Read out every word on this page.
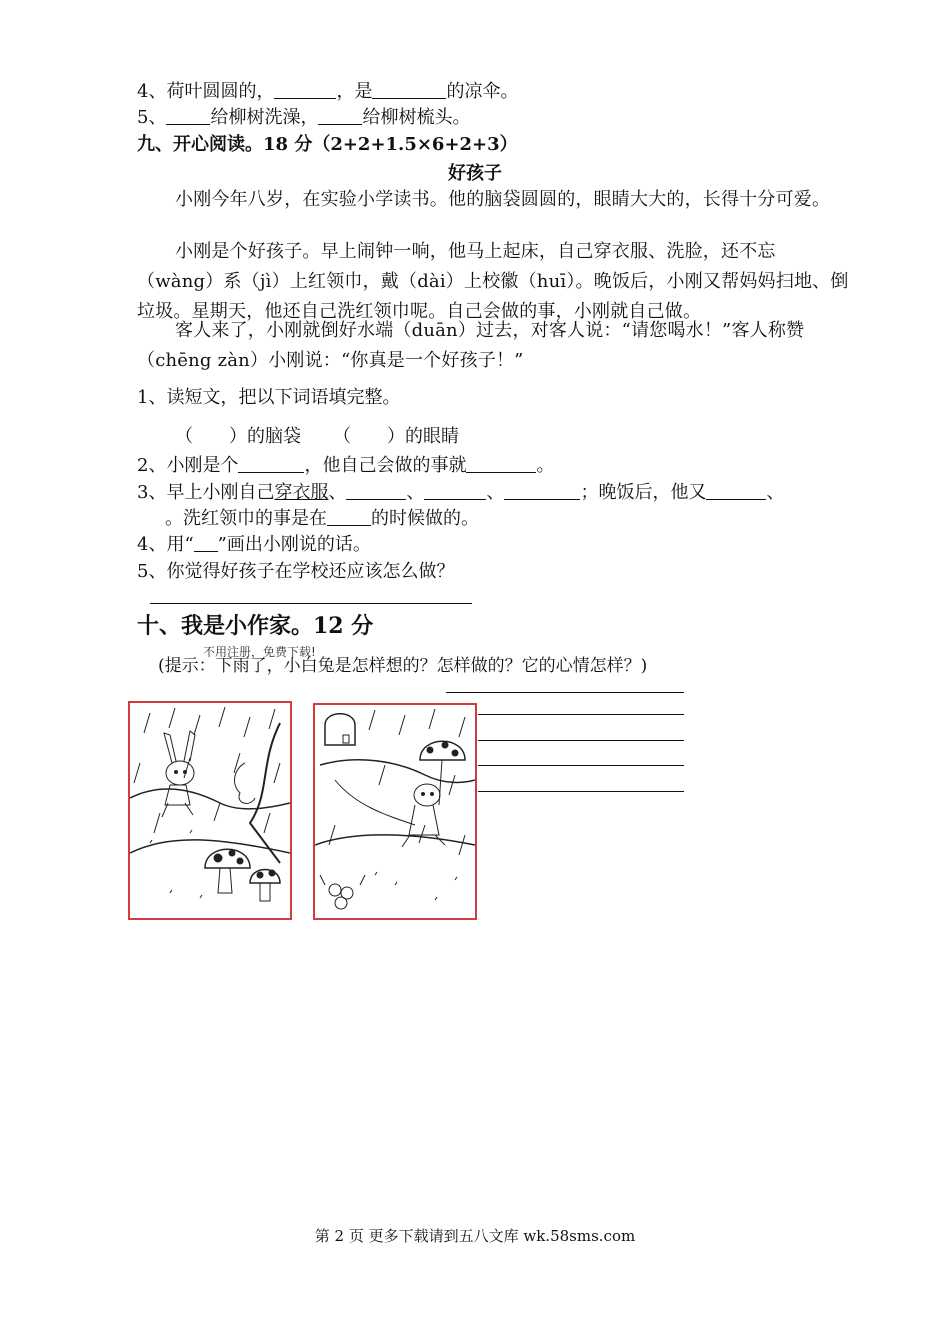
4、荷叶圆圆的，	，是	的凉伞。
5、 给柳树洗澡， 给柳树梳头。
九、开心阅读。18 分（2+2+1.5×6+2+3）
好孩子
小刚今年八岁，在实验小学读书。他的脑袋圆圆的，眼睛大大的，长得十分可爱。
小刚是个好孩子。早上闹钟一响，他马上起床，自己穿衣服、洗脸，还不忘（wàng）系（jì）上红领巾，戴（dài）上校徽（huī）。晚饭后，小刚又帮妈妈扫地、倒垃圾。星期天，他还自己洗红领巾呢。自己会做的事，小刚就自己做。
客人来了，小刚就倒好水端（duān）过去，对客人说：“请您喝水！”客人称赞（chēng zàn）小刚说：“你真是一个好孩子！”
1、读短文，把以下词语填完整。
（ ）的脑袋 （ ）的眼睛
2、小刚是个	，他自己会做的事就	。
3、早上小刚自己穿衣服、	、	、	；晚饭后，他又	、
。洗红领巾的事是在 的时候做的。
4、用“ ”画出小刚说的话。
5、你觉得好孩子在学校还应该怎么做？
十、我是小作家。12 分
(提示：下雨了，小白兔是怎样想的？怎样做的？它的心情怎样？)
不用注册，免费下载!
第 2 页 更多下载请到五八文库 wk.58sms.com
